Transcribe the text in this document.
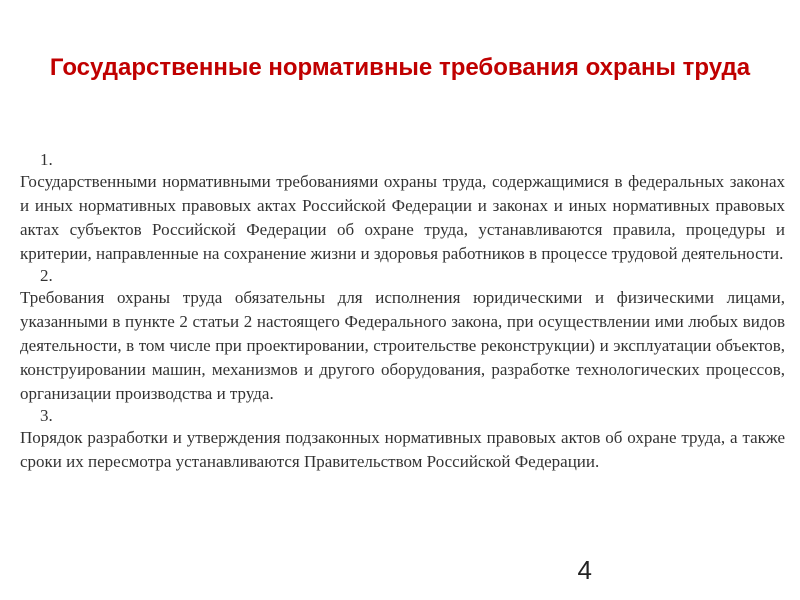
Государственные нормативные требования охраны труда
1.

Государственными нормативными требованиями охраны труда, содержащимися в федеральных законах и иных нормативных правовых актах Российской Федерации и законах и иных нормативных правовых актах субъектов Российской Федерации об охране труда, устанавливаются правила, процедуры и критерии, направленные на сохранение жизни и здоровья работников в процессе трудовой деятельности.

2.

Требования охраны труда обязательны для исполнения юридическими и физическими лицами, указанными в пункте 2 статьи 2 настоящего Федерального закона, при осуществлении ими любых видов деятельности, в том числе при проектировании, строительстве реконструкции) и эксплуатации объектов, конструировании машин, механизмов и другого оборудования, разработке технологических процессов, организации производства и труда.

3.

Порядок разработки и утверждения подзаконных нормативных правовых актов об охране труда, а также сроки их пересмотра устанавливаются Правительством Российской Федерации.

4
